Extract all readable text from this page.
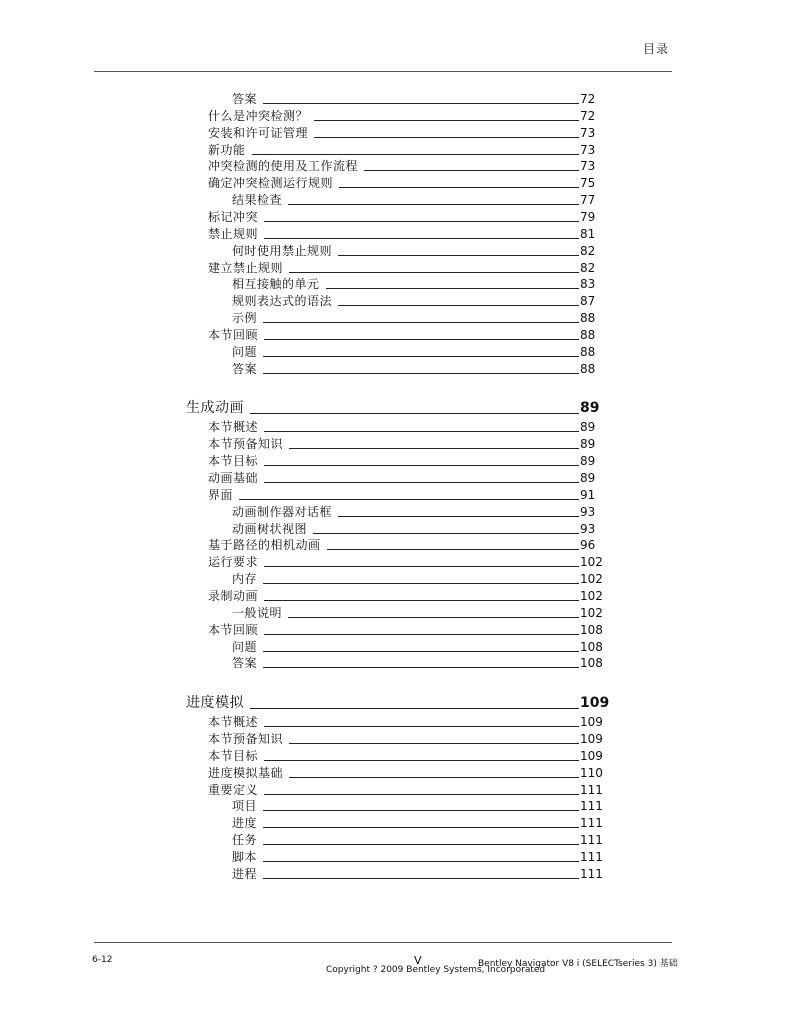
目录
答案	72
什么是冲突检测？	72
安装和许可证管理	73
新功能	73
冲突检测的使用及工作流程	73
确定冲突检测运行规则	75
结果检查	77
标记冲突	79
禁止规则	81
何时使用禁止规则	82
建立禁止规则	82
相互接触的单元	83
规则表达式的语法	87
示例	88
本节回顾	88
问题	88
答案	88
生成动画	89
本节概述	89
本节预备知识	89
本节目标	89
动画基础	89
界面	91
动画制作器对话框	93
动画树状视图	93
基于路径的相机动画	96
运行要求	102
内存	102
录制动画	102
一般说明	102
本节回顾	108
问题	108
答案	108
进度模拟	109
本节概述	109
本节预备知识	109
本节目标	109
进度模拟基础	110
重要定义	111
项目	111
进度	111
任务	111
脚本	111
进程	111
6-12	V	Bentley Navigator V8 i (SELECTseries 3) 基础
Copyright ? 2009 Bentley Systems, Incorporated
